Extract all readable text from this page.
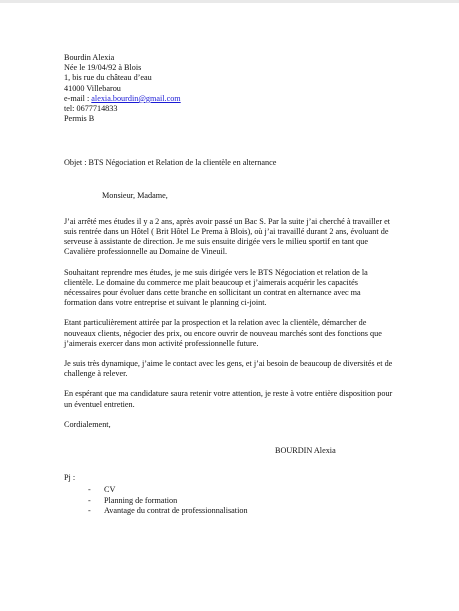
Bourdin Alexia
Née le 19/04/92 à Blois
1, bis rue du château d’eau
41000 Villebarou
e-mail : alexia.bourdin@gmail.com
tel: 0677714833
Permis B
Objet : BTS Négociation et Relation de la clientèle en alternance
Monsieur, Madame,
J’ai arrêté mes études il y a 2 ans, après avoir passé un Bac S. Par la suite j’ai cherché à travailler et suis rentrée dans un Hôtel ( Brit Hôtel Le Prema à Blois), où j’ai travaillé durant 2 ans, évoluant de serveuse à assistante de direction. Je me suis ensuite dirigée vers le milieu sportif en tant que Cavalière professionnelle au Domaine de Vineuil.
Souhaitant reprendre mes études, je me suis dirigée vers le BTS Négociation et relation de la clientèle. Le domaine du commerce me plait beaucoup et j’aimerais acquérir les capacités nécessaires pour évoluer dans cette branche en sollicitant un contrat en alternance avec ma formation dans votre entreprise et suivant le planning ci-joint.
Etant particulièrement attirée par la prospection et la relation avec la clientèle, démarcher de nouveaux clients, négocier des prix, ou encore ouvrir de nouveau marchés sont des fonctions que j’aimerais exercer dans mon activité professionnelle future.
Je suis très dynamique, j’aime le contact avec les gens, et j’ai besoin de beaucoup de diversités et de challenge à relever.
En espérant que ma candidature saura retenir votre attention, je reste à votre entière disposition pour un éventuel entretien.
Cordialement,
BOURDIN Alexia
Pj :
-	CV
-	Planning de formation
-	Avantage du contrat de professionnalisation
